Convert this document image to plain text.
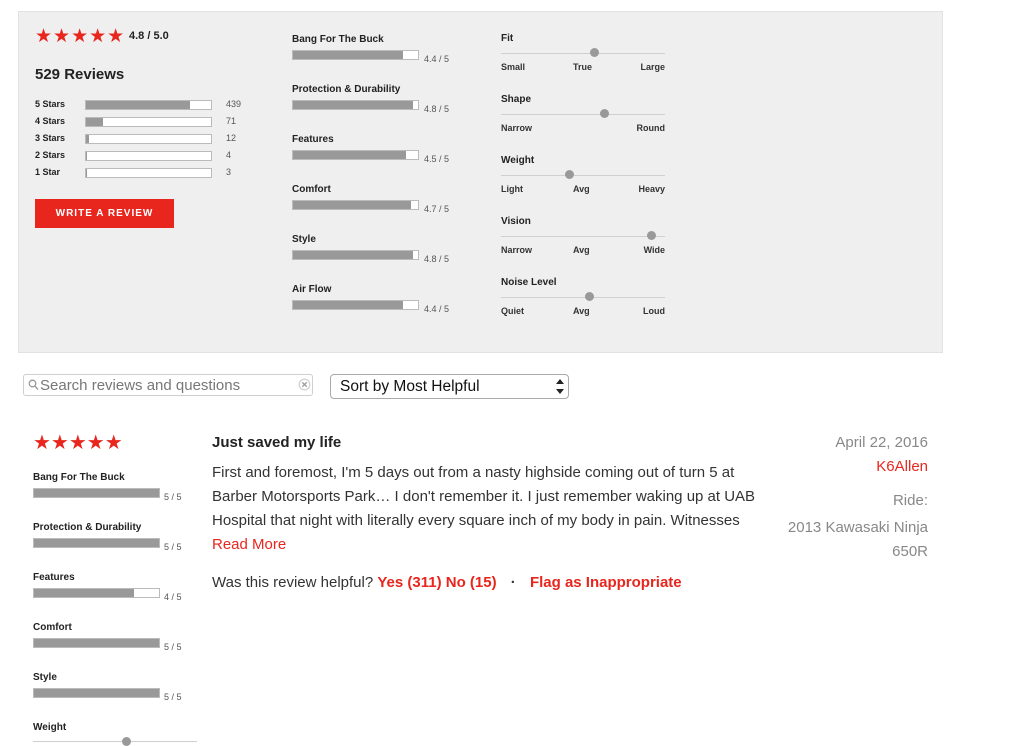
★★★★★ 4.8 / 5.0
529 Reviews
5 Stars	439
4 Stars	71
3 Stars	12
2 Stars	4
1 Star	3
WRITE A REVIEW
Bang For The Buck
4.4 / 5
Protection & Durability
4.8 / 5
Features
4.5 / 5
Comfort
4.7 / 5
Style
4.8 / 5
Air Flow
4.4 / 5
Fit
Small	True	Large
Shape
Narrow	Round
Weight
Light	Avg	Heavy
Vision
Narrow	Avg	Wide
Noise Level
Quiet	Avg	Loud
Search reviews and questions
Sort by Most Helpful
★★★★★
Bang For The Buck
5 / 5
Protection & Durability
5 / 5
Features
4 / 5
Comfort
5 / 5
Style
5 / 5
Weight
Just saved my life
First and foremost, I'm 5 days out from a nasty highside coming out of turn 5 at Barber Motorsports Park… I don't remember it. I just remember waking up at UAB Hospital that night with literally every square inch of my body in pain. Witnesses Read More
Was this review helpful? Yes (311) No (15) · Flag as Inappropriate
April 22, 2016
K6Allen
Ride:
2013 Kawasaki Ninja 650R
